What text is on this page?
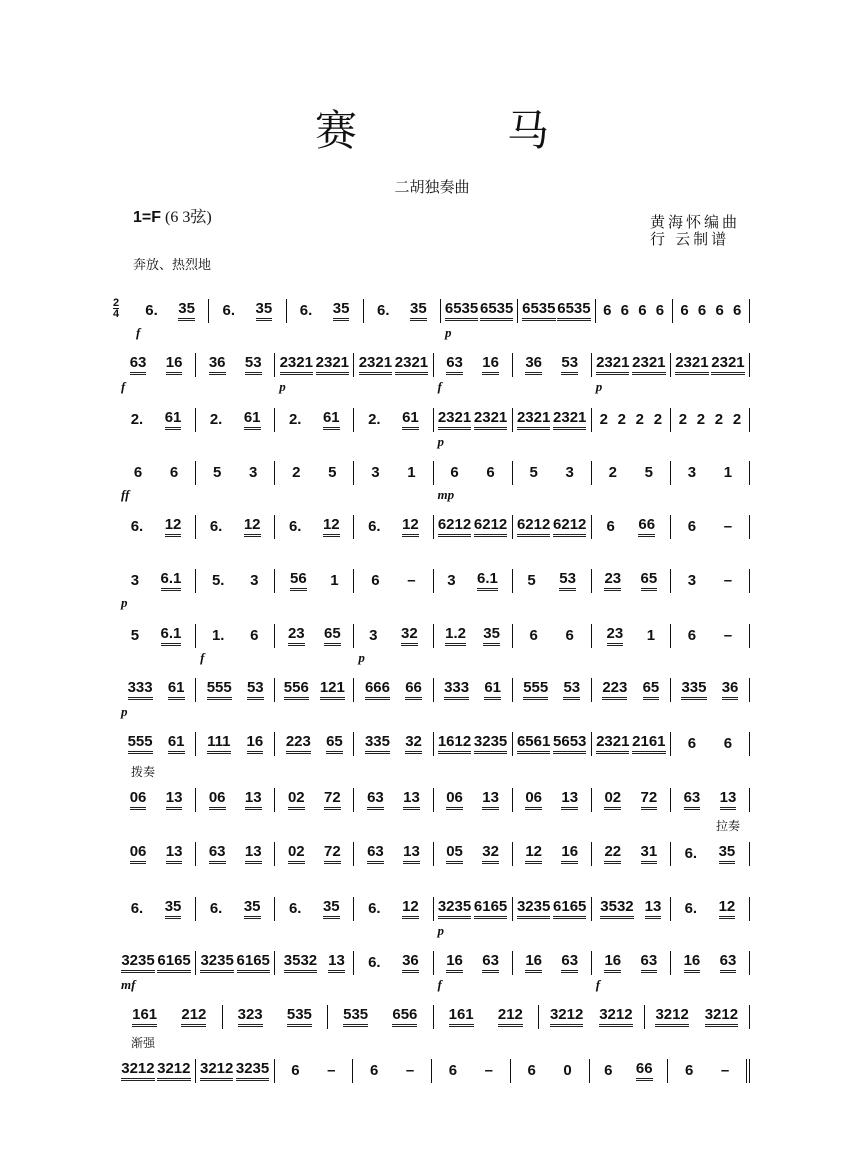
赛马
二胡独奏曲
1=F (6 3弦)	黄海怀编曲
行 云制谱
奔放、热烈地
2
4 6. 35 6. 35 6. 35 6. 35 6535 6535 6535 6535 6 6 6 6 6 6 6 6
f	p
63 16 36 53 2321 2321 2321 2321 63 16 36 53 2321 2321 2321 2321
f	p	f	p
2. 61 2. 61 2. 61 2. 61 2321 2321 2321 2321 2 2 2 2 2 2 2 2
p
6 6 5 3 2 5 3 1 6 6 5 3 2 5 3 1
ff	mp
6. 12 6. 12 6. 12 6. 12 6212 6212 6212 6212 6 66 6 –
3 6.1 5. 3 56 1 6 – 3 6.1 5 53 23 65 3 –
p
5 6.1 1. 6 23 65 3 32 1.2 35 6 6 23 1 6 –
f	p
333 61 555 53 556 121 666 66 333 61 555 53 223 65 335 36
p
555 61 111 16 223 65 335 32 1612 3235 6561 5653 2321 2161 6 6
拨奏
06 13 06 13 02 72 63 13 06 13 06 13 02 72 63 13
拉奏
06 13 63 13 02 72 63 13 05 32 12 16 22 31 6. 35
6. 35 6. 35 6. 35 6. 12 3235 6165 3235 6165 3532 13 6. 12
p
3235 6165 3235 6165 3532 13 6. 36 16 63 16 63 16 63 16 63
mf	f	f
161 212 323 535 535 656 161 212 3212 3212 3212 3212
渐强
3212 3212 3212 3235 6 – 6 – 6 – 6 0 6 66 6 –
